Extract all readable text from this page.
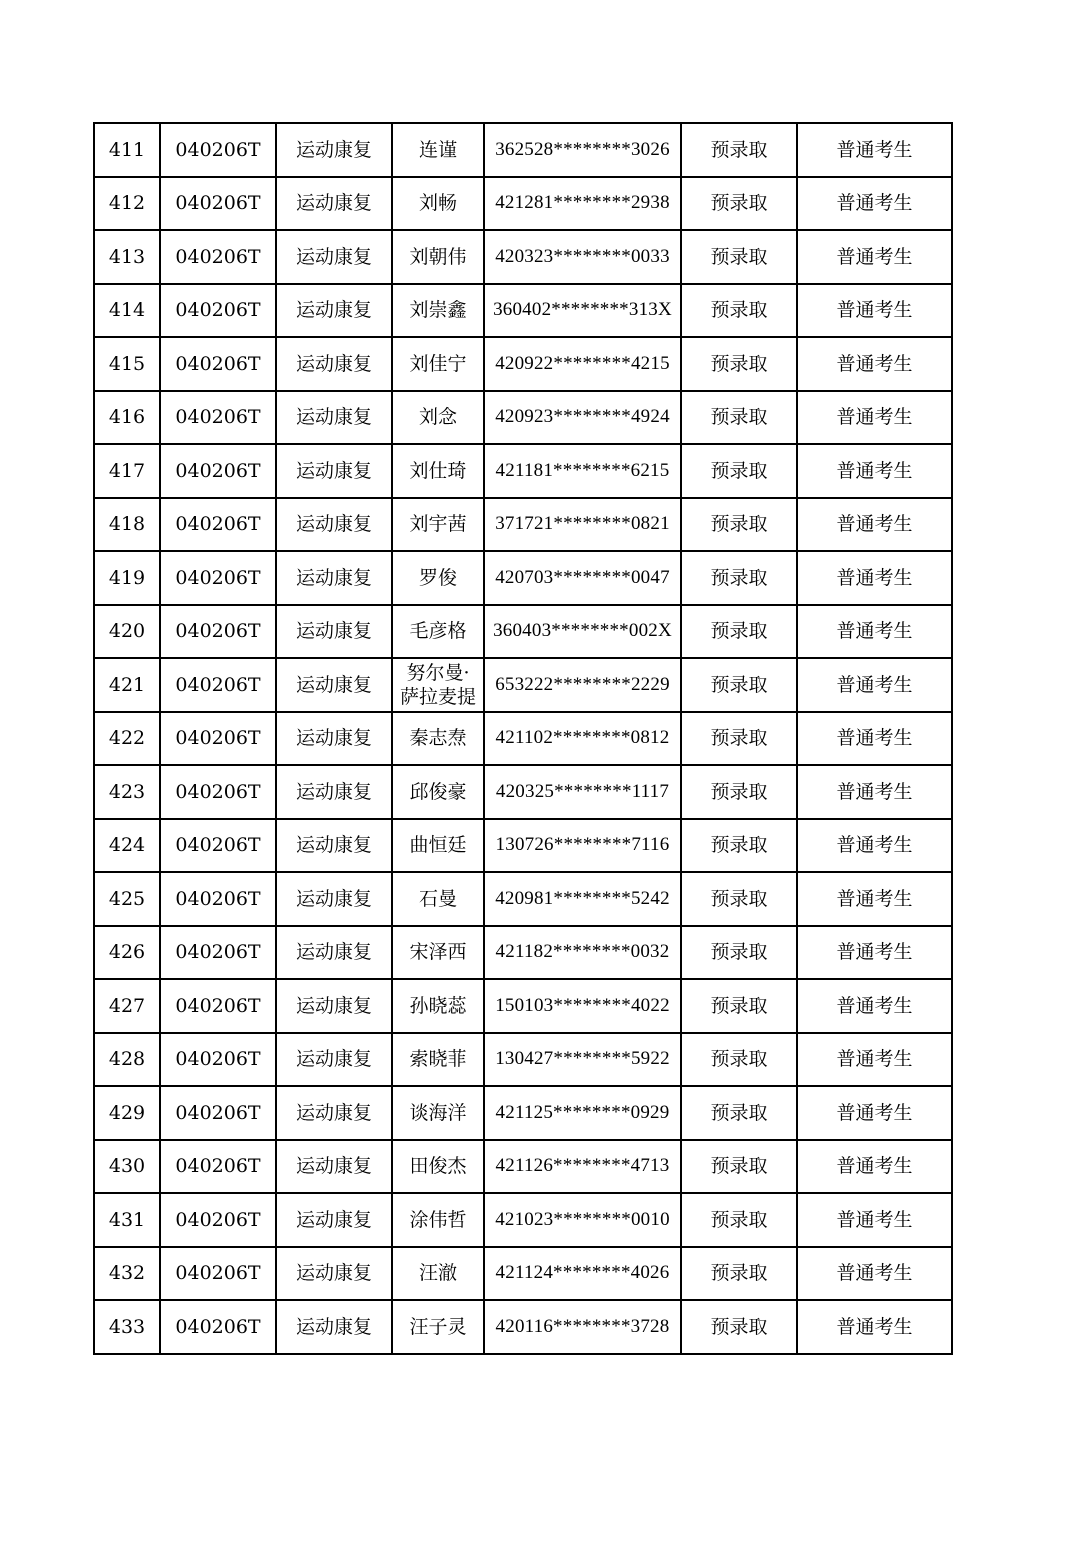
411	040206T	运动康复	连谨	362528********3026	预录取	普通考生
412	040206T	运动康复	刘畅	421281********2938	预录取	普通考生
413	040206T	运动康复	刘朝伟	420323********0033	预录取	普通考生
414	040206T	运动康复	刘崇鑫	360402********313X	预录取	普通考生
415	040206T	运动康复	刘佳宁	420922********4215	预录取	普通考生
416	040206T	运动康复	刘念	420923********4924	预录取	普通考生
417	040206T	运动康复	刘仕琦	421181********6215	预录取	普通考生
418	040206T	运动康复	刘宇茜	371721********0821	预录取	普通考生
419	040206T	运动康复	罗俊	420703********0047	预录取	普通考生
420	040206T	运动康复	毛彦格	360403********002X	预录取	普通考生
421	040206T	运动康复	努尔曼·
萨拉麦提	653222********2229	预录取	普通考生
422	040206T	运动康复	秦志焘	421102********0812	预录取	普通考生
423	040206T	运动康复	邱俊豪	420325********1117	预录取	普通考生
424	040206T	运动康复	曲恒廷	130726********7116	预录取	普通考生
425	040206T	运动康复	石曼	420981********5242	预录取	普通考生
426	040206T	运动康复	宋泽西	421182********0032	预录取	普通考生
427	040206T	运动康复	孙晓蕊	150103********4022	预录取	普通考生
428	040206T	运动康复	索晓菲	130427********5922	预录取	普通考生
429	040206T	运动康复	谈海洋	421125********0929	预录取	普通考生
430	040206T	运动康复	田俊杰	421126********4713	预录取	普通考生
431	040206T	运动康复	涂伟哲	421023********0010	预录取	普通考生
432	040206T	运动康复	汪澈	421124********4026	预录取	普通考生
433	040206T	运动康复	汪子灵	420116********3728	预录取	普通考生
